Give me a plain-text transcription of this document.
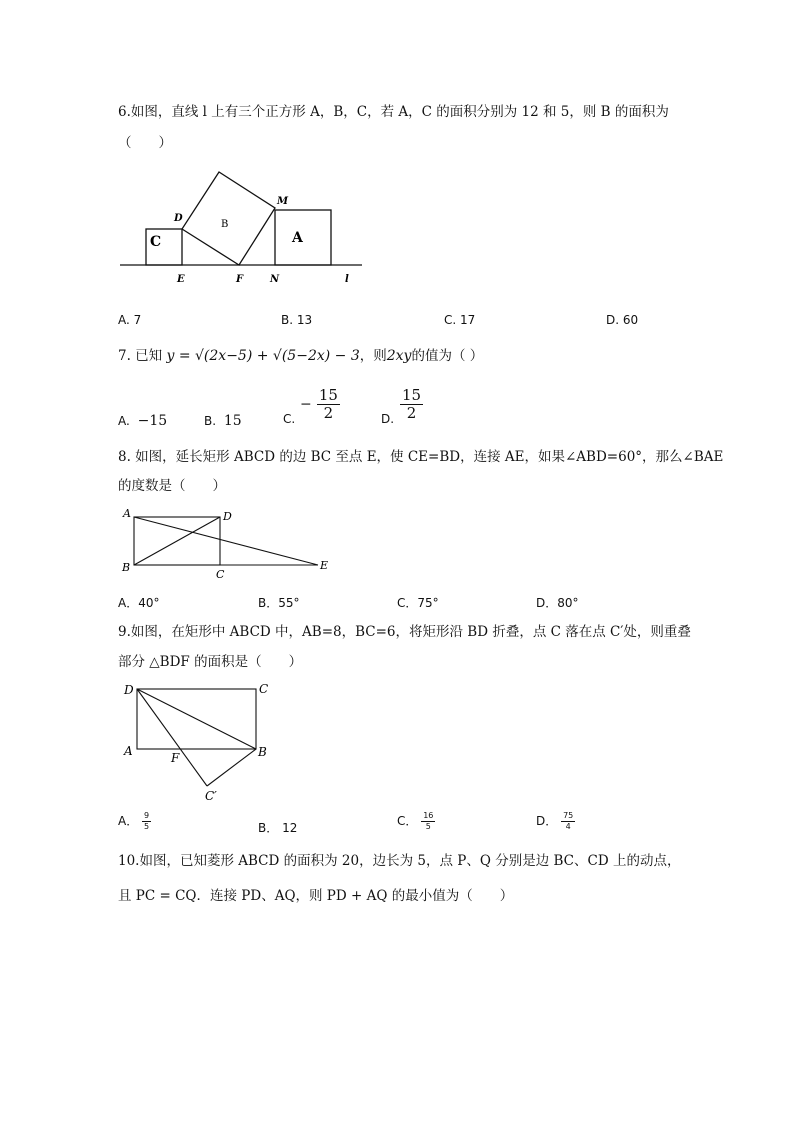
6.如图，直线 l 上有三个正方形 A，B，C，若 A，C 的面积分别为 12 和 5，则 B 的面积为
（　　）
C
B
A
D
M
E	F	N	l
A. 7	B. 13	C. 17	D. 60
7. 已知 y = √(2x−5) + √(5−2x) − 3，则2xy的值为（ ）
A. −15	B. 15	C.
− $\frac{15}{2}$	D. $\frac{15}{2}$
8. 如图，延长矩形 ABCD 的边 BC 至点 E，使 CE=BD，连接 AE，如果∠ABD=60°，那么∠BAE
的度数是（　　）
A	D
B
C
E
A．40°	B．55°	C．75°	D．80°
9.如图，在矩形中 ABCD 中，AB=8，BC=6，将矩形沿 BD 折叠，点 C 落在点 C′处，则重叠
部分 △BDF 的面积是（　　）
D	C
A	B
F
C′
A． $\frac{9}{5}$	B． 12	C． $\frac{16}{5}$	D． $\frac{75}{4}$
10.如图，已知菱形 ABCD 的面积为 20，边长为 5，点 P、Q 分别是边 BC、CD 上的动点，
且 PC = CQ．连接 PD、AQ，则 PD + AQ 的最小值为（　　）
